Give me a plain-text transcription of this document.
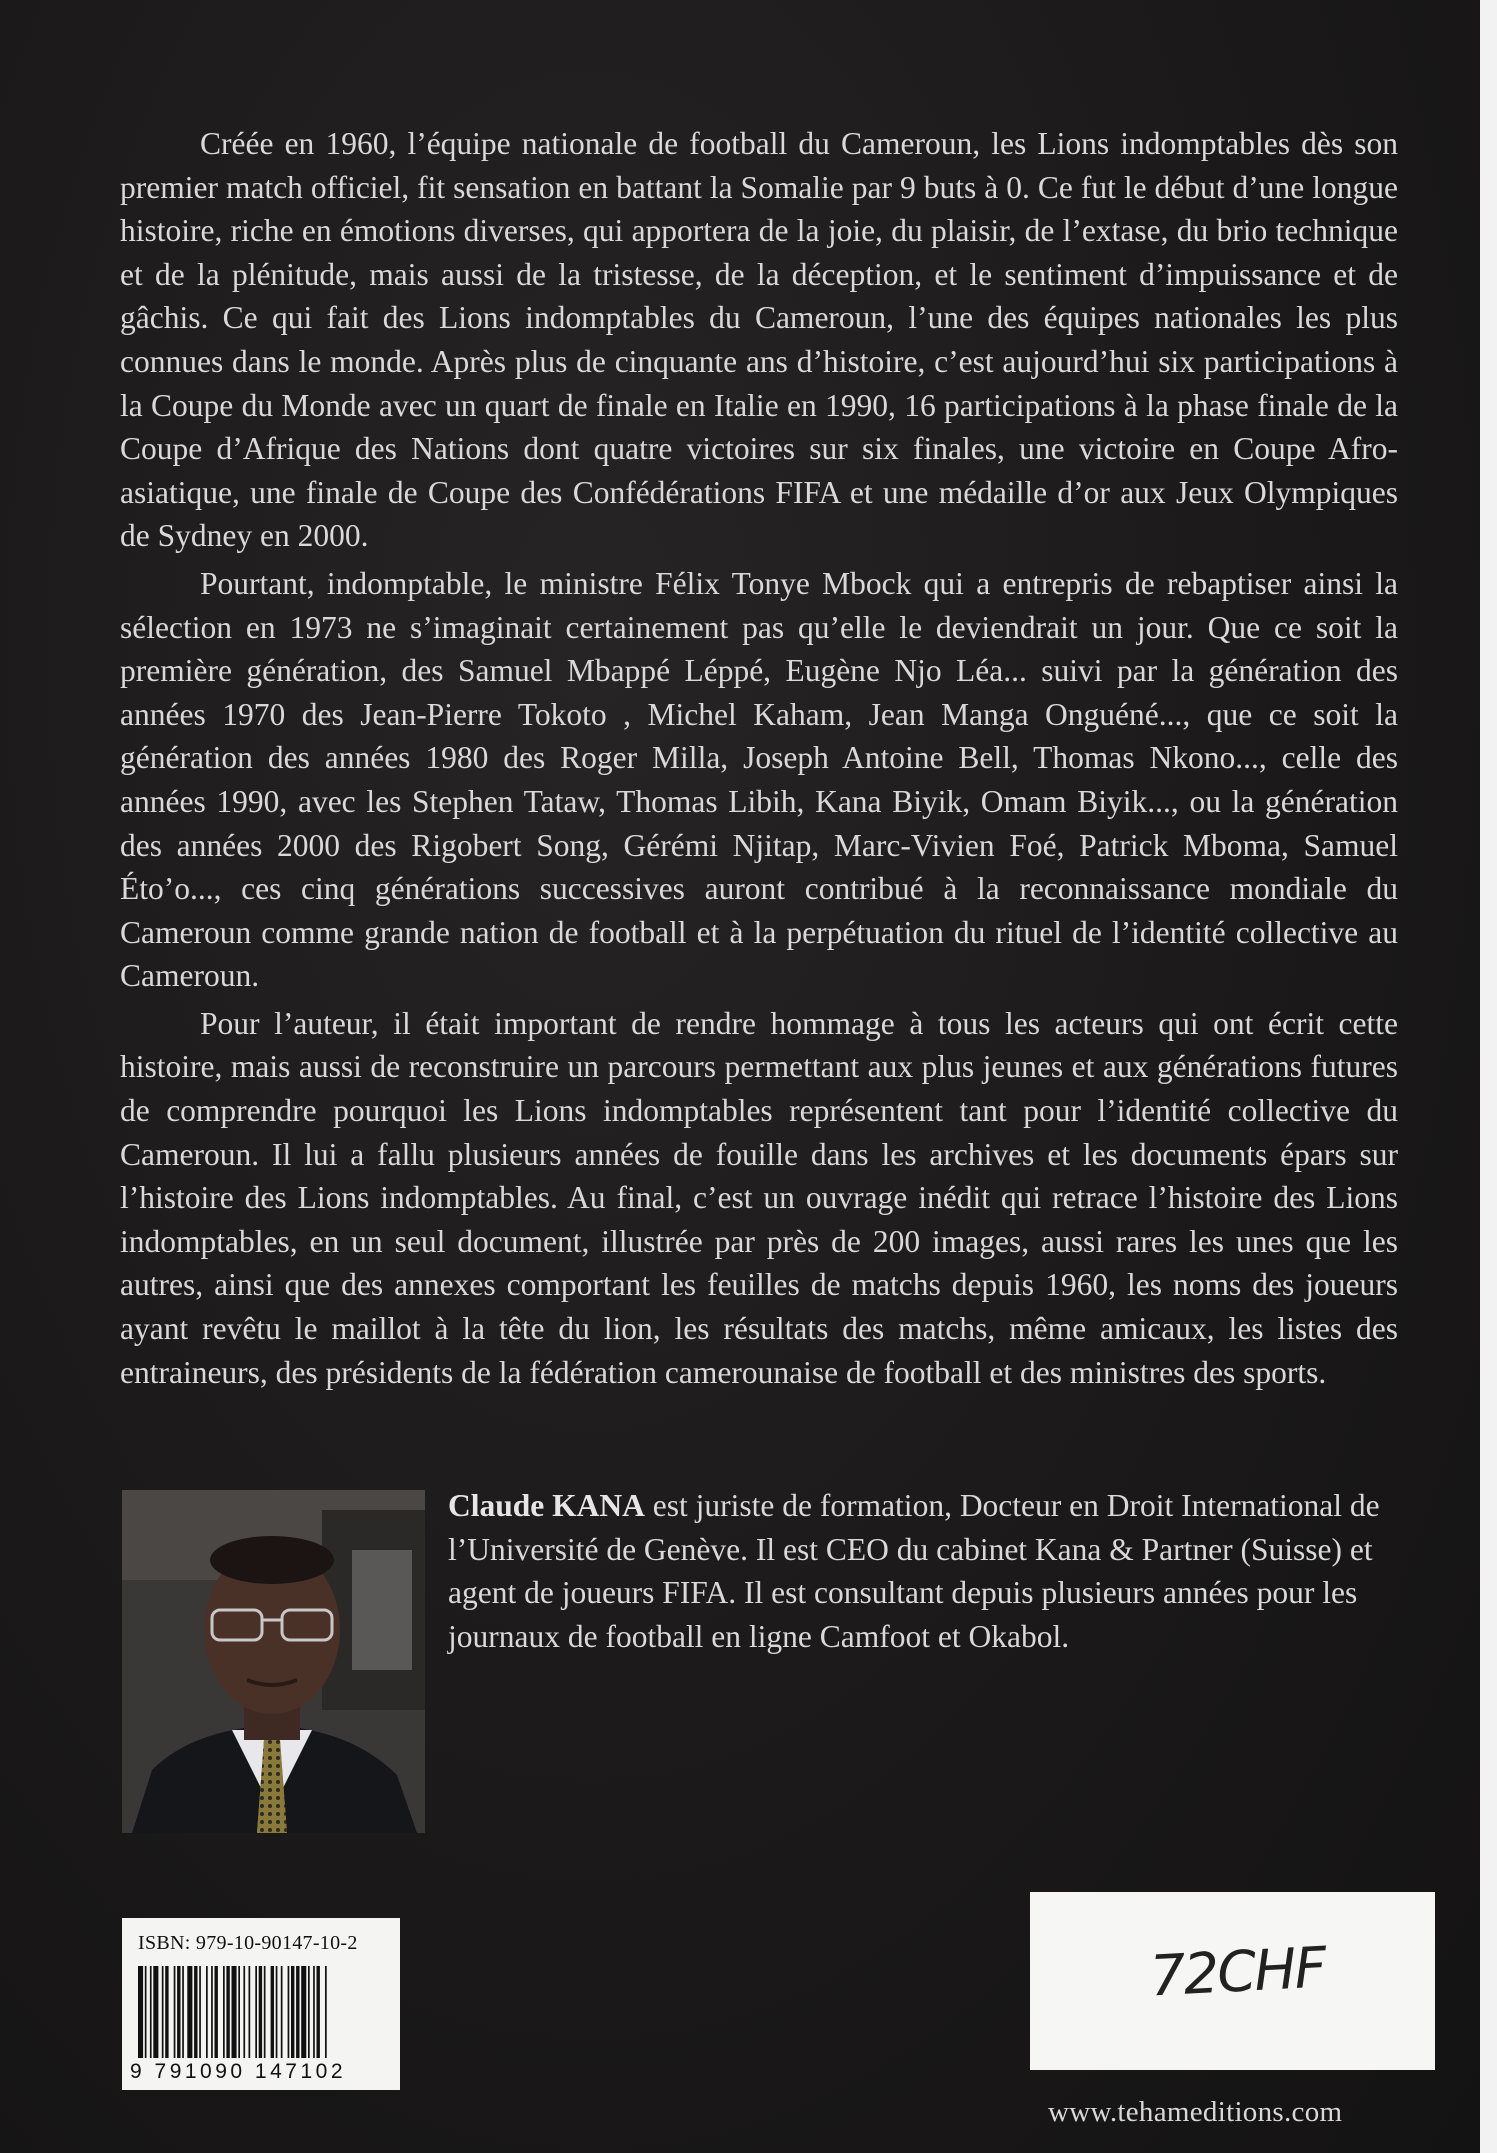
Créée en 1960, l’équipe nationale de football du Cameroun, les Lions indomptables dès son premier match officiel, fit sensation en battant la Somalie par 9 buts à 0. Ce fut le début d’une longue histoire, riche en émotions diverses, qui apportera de la joie, du plaisir, de l’extase, du brio technique et de la plénitude, mais aussi de la tristesse, de la déception, et le sentiment d’impuissance et de gâchis. Ce qui fait des Lions indomptables du Cameroun, l’une des équipes nationales les plus connues dans le monde. Après plus de cinquante ans d’histoire, c’est aujourd’hui six participations à la Coupe du Monde avec un quart de finale en Italie en 1990, 16 participations à la phase finale de la Coupe d’Afrique des Nations dont quatre victoires sur six finales, une victoire en Coupe Afro-asiatique, une finale de Coupe des Confédérations FIFA et une médaille d’or aux Jeux Olympiques de Sydney en 2000.

Pourtant, indomptable, le ministre Félix Tonye Mbock qui a entrepris de rebaptiser ainsi la sélection en 1973 ne s’imaginait certainement pas qu’elle le deviendrait un jour. Que ce soit la première génération, des Samuel Mbappé Léppé, Eugène Njo Léa... suivi par la génération des années 1970 des Jean-Pierre Tokoto , Michel Kaham, Jean Manga Onguéné..., que ce soit la génération des années 1980 des Roger Milla, Joseph Antoine Bell, Thomas Nkono..., celle des années 1990, avec les Stephen Tataw, Thomas Libih, Kana Biyik, Omam Biyik..., ou la génération des années 2000 des Rigobert Song, Gérémi Njitap, Marc-Vivien Foé, Patrick Mboma, Samuel Éto’o..., ces cinq générations successives auront contribué à la reconnaissance mondiale du Cameroun comme grande nation de football et à la perpétuation du rituel de l’identité collective au Cameroun.

Pour l’auteur, il était important de rendre hommage à tous les acteurs qui ont écrit cette histoire, mais aussi de reconstruire un parcours permettant aux plus jeunes et aux générations futures de comprendre pourquoi les Lions indomptables représentent tant pour l’identité collective du Cameroun. Il lui a fallu plusieurs années de fouille dans les archives et les documents épars sur l’histoire des Lions indomptables. Au final, c’est un ouvrage inédit qui retrace l’histoire des Lions indomptables, en un seul document, illustrée par près de 200 images, aussi rares les unes que les autres, ainsi que des annexes comportant les feuilles de matchs depuis 1960, les noms des joueurs ayant revêtu le maillot à la tête du lion, les résultats des matchs, même amicaux, les listes des entraineurs, des présidents de la fédération camerounaise de football et des ministres des sports.

Claude KANA est juriste de formation, Docteur en Droit International de l’Université de Genève. Il est CEO du cabinet Kana & Partner (Suisse) et agent de joueurs FIFA. Il est consultant depuis plusieurs années pour les journaux de football en ligne Camfoot et Okabol.
ISBN: 979-10-90147-10-2
9 791090 147102
72CHF
www.tehameditions.com
